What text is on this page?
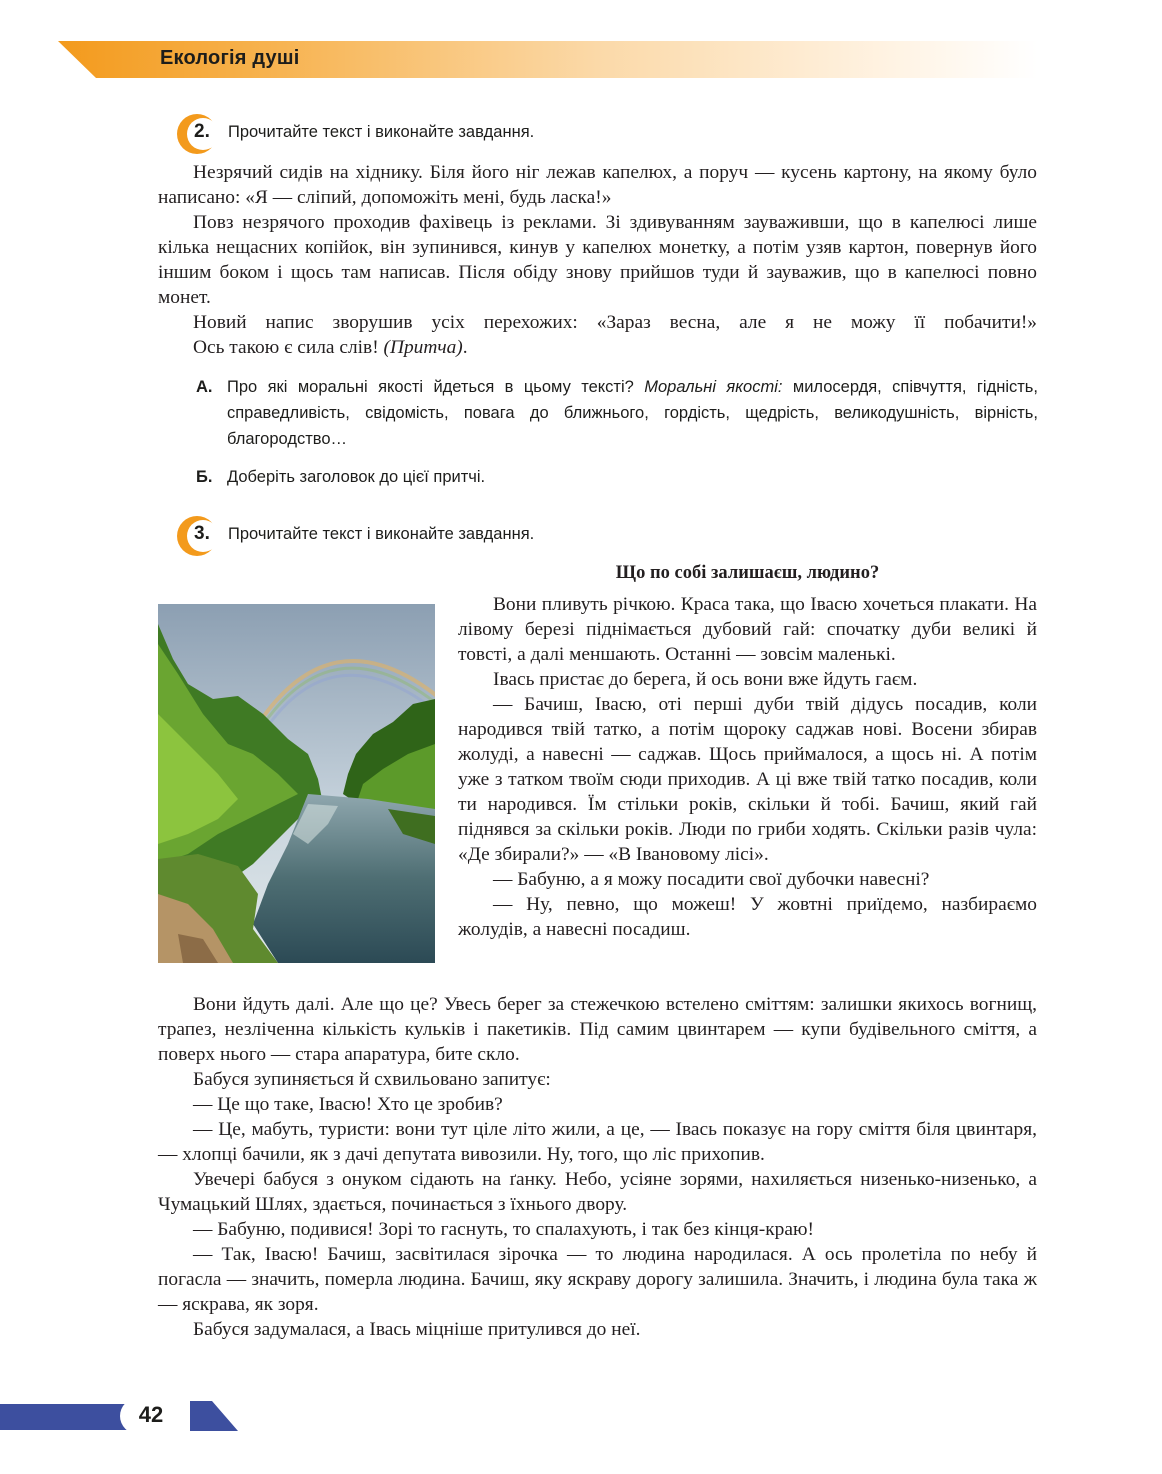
Екологія душі
2. Прочитайте текст і виконайте завдання.

Незрячий сидів на хіднику. Біля його ніг лежав капелюх, а поруч — кусень картону, на якому було написано: «Я — сліпий, допоможіть мені, будь ласка!»

Повз незрячого проходив фахівець із реклами. Зі здивуванням зауваживши, що в капелюсі лише кілька нещасних копійок, він зупинився, кинув у капелюх монетку, а потім узяв картон, повернув його іншим боком і щось там написав. Після обіду знову прийшов туди й зауважив, що в капелюсі повно монет.

Новий напис зворушив усіх перехожих: «Зараз весна, але я не можу її побачити!»

Ось такою є сила слів! (Притча).

А. Про які моральні якості йдеться в цьому тексті? Моральні якості: милосердя, співчуття, гідність, справедливість, свідомість, повага до ближнього, гордість, щедрість, великодушність, вірність, благородство…
Б. Доберіть заголовок до цієї притчі.
3. Прочитайте текст і виконайте завдання.
Що по собі залишаєш, людино?

Вони пливуть річкою. Краса така, що Івасю хочеться плакати. На лівому березі піднімається дубовий гай: спочатку дуби великі й товсті, а далі меншають. Останні — зовсім маленькі.

Івась пристає до берега, й ось вони вже йдуть гаєм.

— Бачиш, Івасю, оті перші дуби твій дідусь посадив, коли народився твій татко, а потім щороку саджав нові. Восени збирав жолуді, а навесні — саджав. Щось приймалося, а щось ні. А потім уже з татком твоїм сюди приходив. А ці вже твій татко посадив, коли ти народився. Їм стільки років, скільки й тобі. Бачиш, який гай піднявся за скільки років. Люди по гриби ходять. Скільки разів чула: «Де збирали?» — «В Івановому лісі».

— Бабуню, а я можу посадити свої дубочки навесні?

— Ну, певно, що можеш! У жовтні приїдемо, назбираємо жолудів, а навесні посадиш.

Вони йдуть далі. Але що це? Увесь берег за стежечкою встелено сміттям: залишки якихось вогнищ, трапез, незліченна кількість кульків і пакетиків. Під самим цвинтарем — купи будівельного сміття, а поверх нього — стара апаратура, бите скло.

Бабуся зупиняється й схвильовано запитує:

— Це що таке, Івасю! Хто це зробив?

— Це, мабуть, туристи: вони тут ціле літо жили, а це, — Івась показує на гору сміття біля цвинтаря, — хлопці бачили, як з дачі депутата вивозили. Ну, того, що ліс прихопив.

Увечері бабуся з онуком сідають на ґанку. Небо, усіяне зорями, нахиляється низенько-низенько, а Чумацький Шлях, здається, починається з їхнього двору.

— Бабуню, подивися! Зорі то гаснуть, то спалахують, і так без кінця-краю!

— Так, Івасю! Бачиш, засвітилася зірочка — то людина народилася. А ось пролетіла по небу й погасла — значить, померла людина. Бачиш, яку яскраву дорогу залишила. Значить, і людина була така ж — яскрава, як зоря.

Бабуся задумалася, а Івась міцніше притулився до неї.

42
